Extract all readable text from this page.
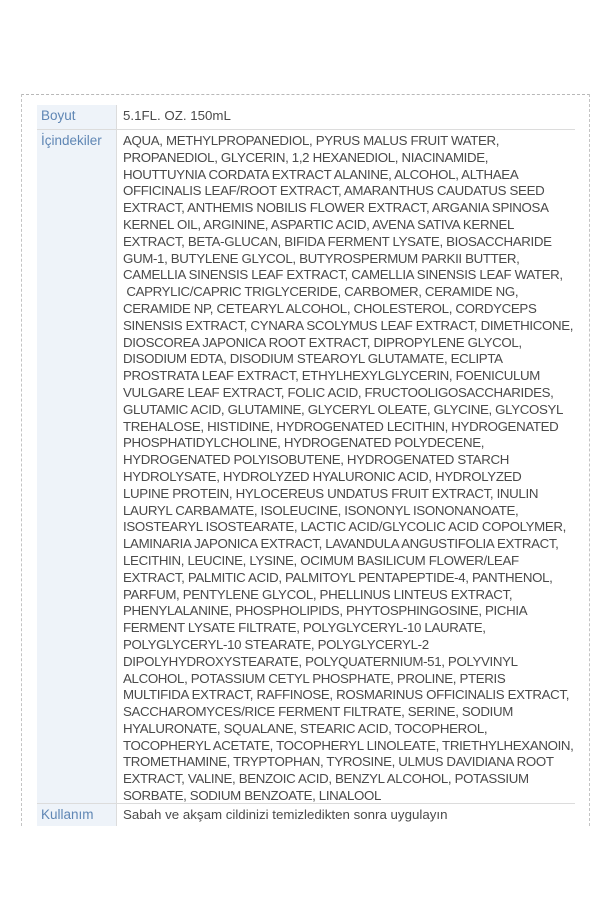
Boyut	5.1FL. OZ. 150mL
İçindekiler	AQUA, METHYLPROPANEDIOL, PYRUS MALUS FRUIT WATER,
PROPANEDIOL, GLYCERIN, 1,2 HEXANEDIOL, NIACINAMIDE,
HOUTTUYNIA CORDATA EXTRACT ALANINE, ALCOHOL, ALTHAEA
OFFICINALIS LEAF/ROOT EXTRACT, AMARANTHUS CAUDATUS SEED
EXTRACT, ANTHEMIS NOBILIS FLOWER EXTRACT, ARGANIA SPINOSA
KERNEL OIL, ARGININE, ASPARTIC ACID, AVENA SATIVA KERNEL
EXTRACT, BETA-GLUCAN, BIFIDA FERMENT LYSATE, BIOSACCHARIDE
GUM-1, BUTYLENE GLYCOL, BUTYROSPERMUM PARKII BUTTER,
CAMELLIA SINENSIS LEAF EXTRACT, CAMELLIA SINENSIS LEAF WATER,
CAPRYLIC/CAPRIC TRIGLYCERIDE, CARBOMER, CERAMIDE NG,
CERAMIDE NP, CETEARYL ALCOHOL, CHOLESTEROL, CORDYCEPS
SINENSIS EXTRACT, CYNARA SCOLYMUS LEAF EXTRACT, DIMETHICONE,
DIOSCOREA JAPONICA ROOT EXTRACT, DIPROPYLENE GLYCOL,
DISODIUM EDTA, DISODIUM STEAROYL GLUTAMATE, ECLIPTA
PROSTRATA LEAF EXTRACT, ETHYLHEXYLGLYCERIN, FOENICULUM
VULGARE LEAF EXTRACT, FOLIC ACID, FRUCTOOLIGOSACCHARIDES,
GLUTAMIC ACID, GLUTAMINE, GLYCERYL OLEATE, GLYCINE, GLYCOSYL
TREHALOSE, HISTIDINE, HYDROGENATED LECITHIN, HYDROGENATED
PHOSPHATIDYLCHOLINE, HYDROGENATED POLYDECENE,
HYDROGENATED POLYISOBUTENE, HYDROGENATED STARCH
HYDROLYSATE, HYDROLYZED HYALURONIC ACID, HYDROLYZED
LUPINE PROTEIN, HYLOCEREUS UNDATUS FRUIT EXTRACT, INULIN
LAURYL CARBAMATE, ISOLEUCINE, ISONONYL ISONONANOATE,
ISOSTEARYL ISOSTEARATE, LACTIC ACID/GLYCOLIC ACID COPOLYMER,
LAMINARIA JAPONICA EXTRACT, LAVANDULA ANGUSTIFOLIA EXTRACT,
LECITHIN, LEUCINE, LYSINE, OCIMUM BASILICUM FLOWER/LEAF
EXTRACT, PALMITIC ACID, PALMITOYL PENTAPEPTIDE-4, PANTHENOL,
PARFUM, PENTYLENE GLYCOL, PHELLINUS LINTEUS EXTRACT,
PHENYLALANINE, PHOSPHOLIPIDS, PHYTOSPHINGOSINE, PICHIA
FERMENT LYSATE FILTRATE, POLYGLYCERYL-10 LAURATE,
POLYGLYCERYL-10 STEARATE, POLYGLYCERYL-2
DIPOLYHYDROXYSTEARATE, POLYQUATERNIUM-51, POLYVINYL
ALCOHOL, POTASSIUM CETYL PHOSPHATE, PROLINE, PTERIS
MULTIFIDA EXTRACT, RAFFINOSE, ROSMARINUS OFFICINALIS EXTRACT,
SACCHAROMYCES/RICE FERMENT FILTRATE, SERINE, SODIUM
HYALURONATE, SQUALANE, STEARIC ACID, TOCOPHEROL,
TOCOPHERYL ACETATE, TOCOPHERYL LINOLEATE, TRIETHYLHEXANOIN,
TROMETHAMINE, TRYPTOPHAN, TYROSINE, ULMUS DAVIDIANA ROOT
EXTRACT, VALINE, BENZOIC ACID, BENZYL ALCOHOL, POTASSIUM
SORBATE, SODIUM BENZOATE, LINALOOL
Kullanım	Sabah ve akşam cildinizi temizledikten sonra uygulayın
